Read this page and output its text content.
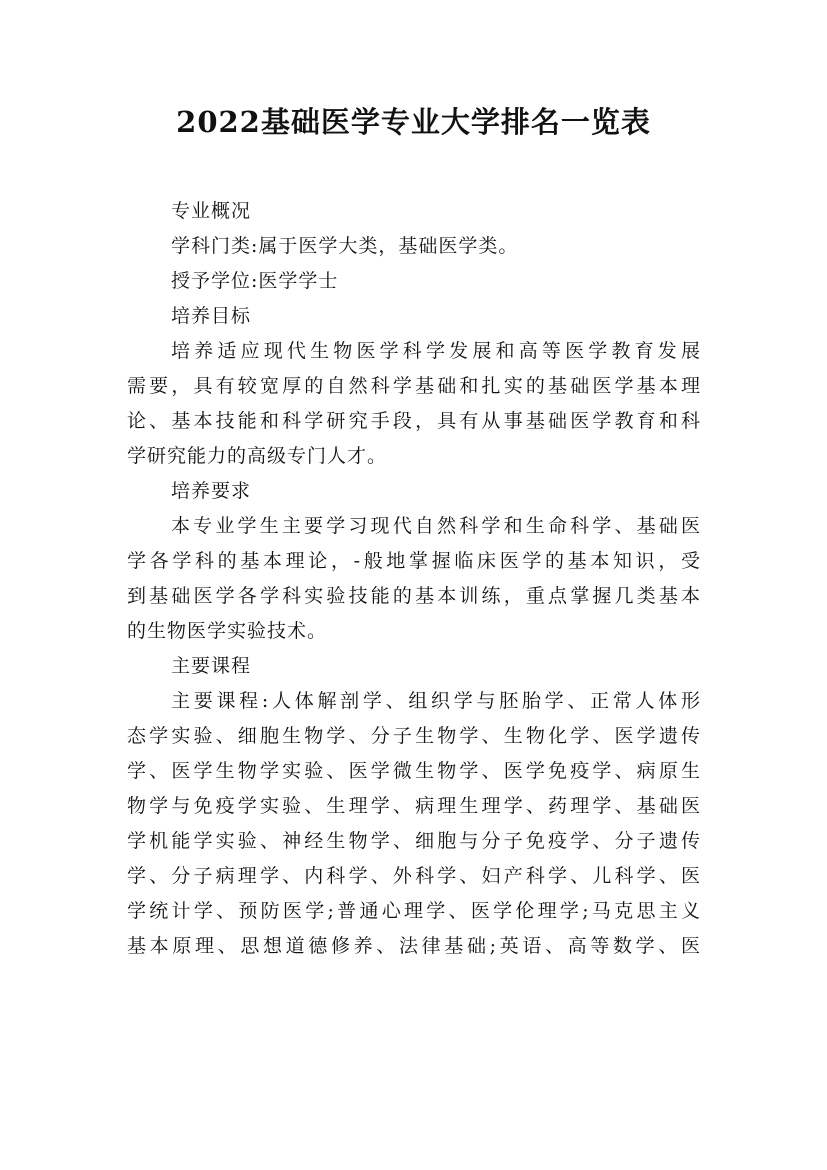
2022基础医学专业大学排名一览表
专业概况
学科门类:属于医学大类，基础医学类。
授予学位:医学学士
培养目标
培养适应现代生物医学科学发展和高等医学教育发展
需要，具有较宽厚的自然科学基础和扎实的基础医学基本理
论、基本技能和科学研究手段，具有从事基础医学教育和科
学研究能力的高级专门人才。
培养要求
本专业学生主要学习现代自然科学和生命科学、基础医
学各学科的基本理论，-般地掌握临床医学的基本知识，受
到基础医学各学科实验技能的基本训练，重点掌握几类基本
的生物医学实验技术。
主要课程
主要课程:人体解剖学、组织学与胚胎学、正常人体形
态学实验、细胞生物学、分子生物学、生物化学、医学遗传
学、医学生物学实验、医学微生物学、医学免疫学、病原生
物学与免疫学实验、生理学、病理生理学、药理学、基础医
学机能学实验、神经生物学、细胞与分子免疫学、分子遗传
学、分子病理学、内科学、外科学、妇产科学、儿科学、医
学统计学、预防医学;普通心理学、医学伦理学;马克思主义
基本原理、思想道德修养、法律基础;英语、高等数学、医
